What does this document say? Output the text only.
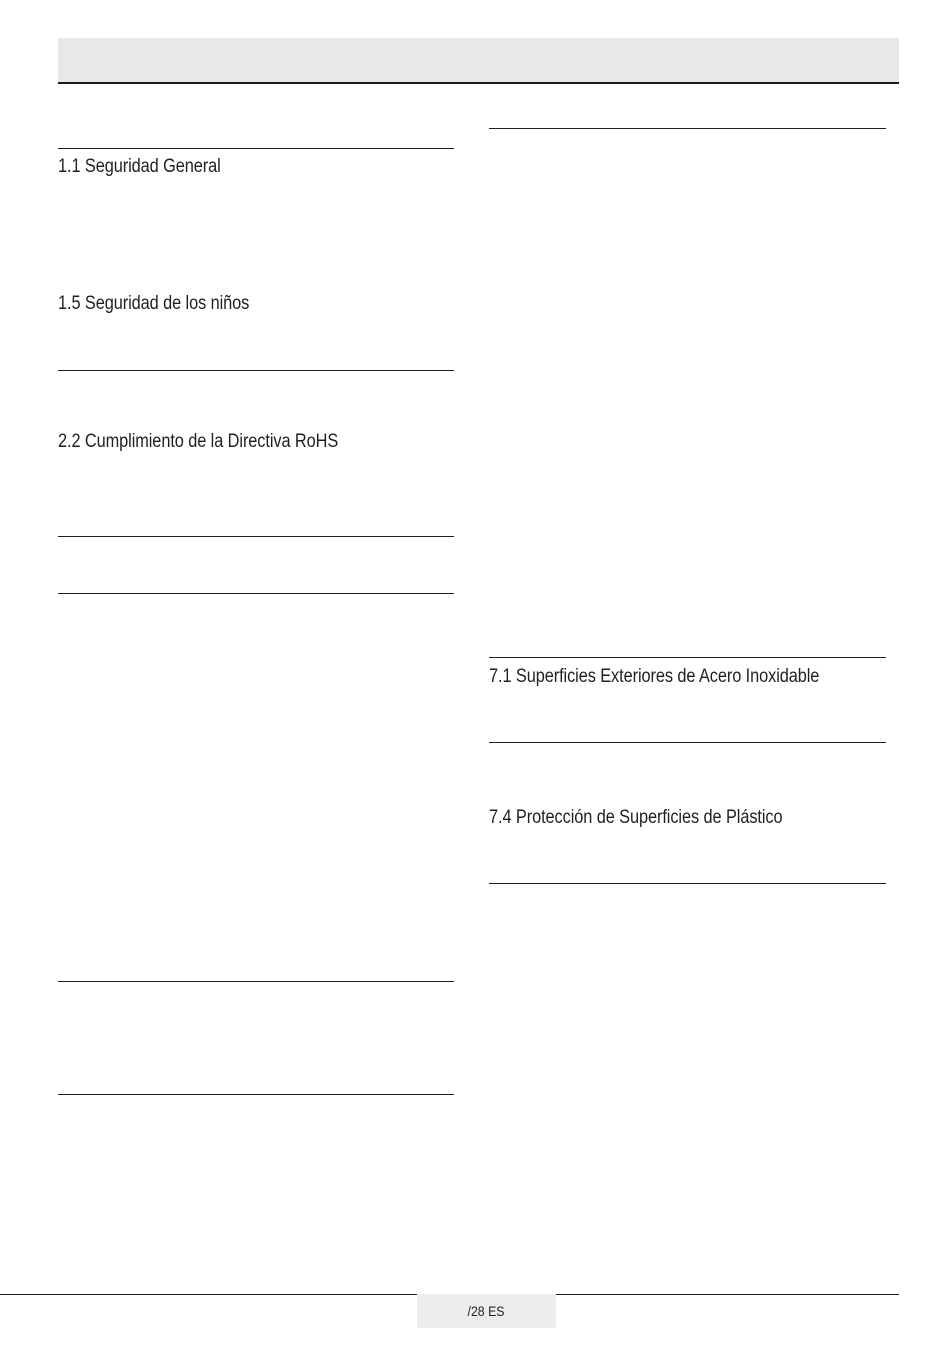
1.1 Seguridad General
1.5 Seguridad de los niños
2.2 Cumplimiento de la Directiva RoHS
7.1 Superficies Exteriores de Acero Inoxidable
7.4 Protección de Superficies de Plástico
/28 ES
